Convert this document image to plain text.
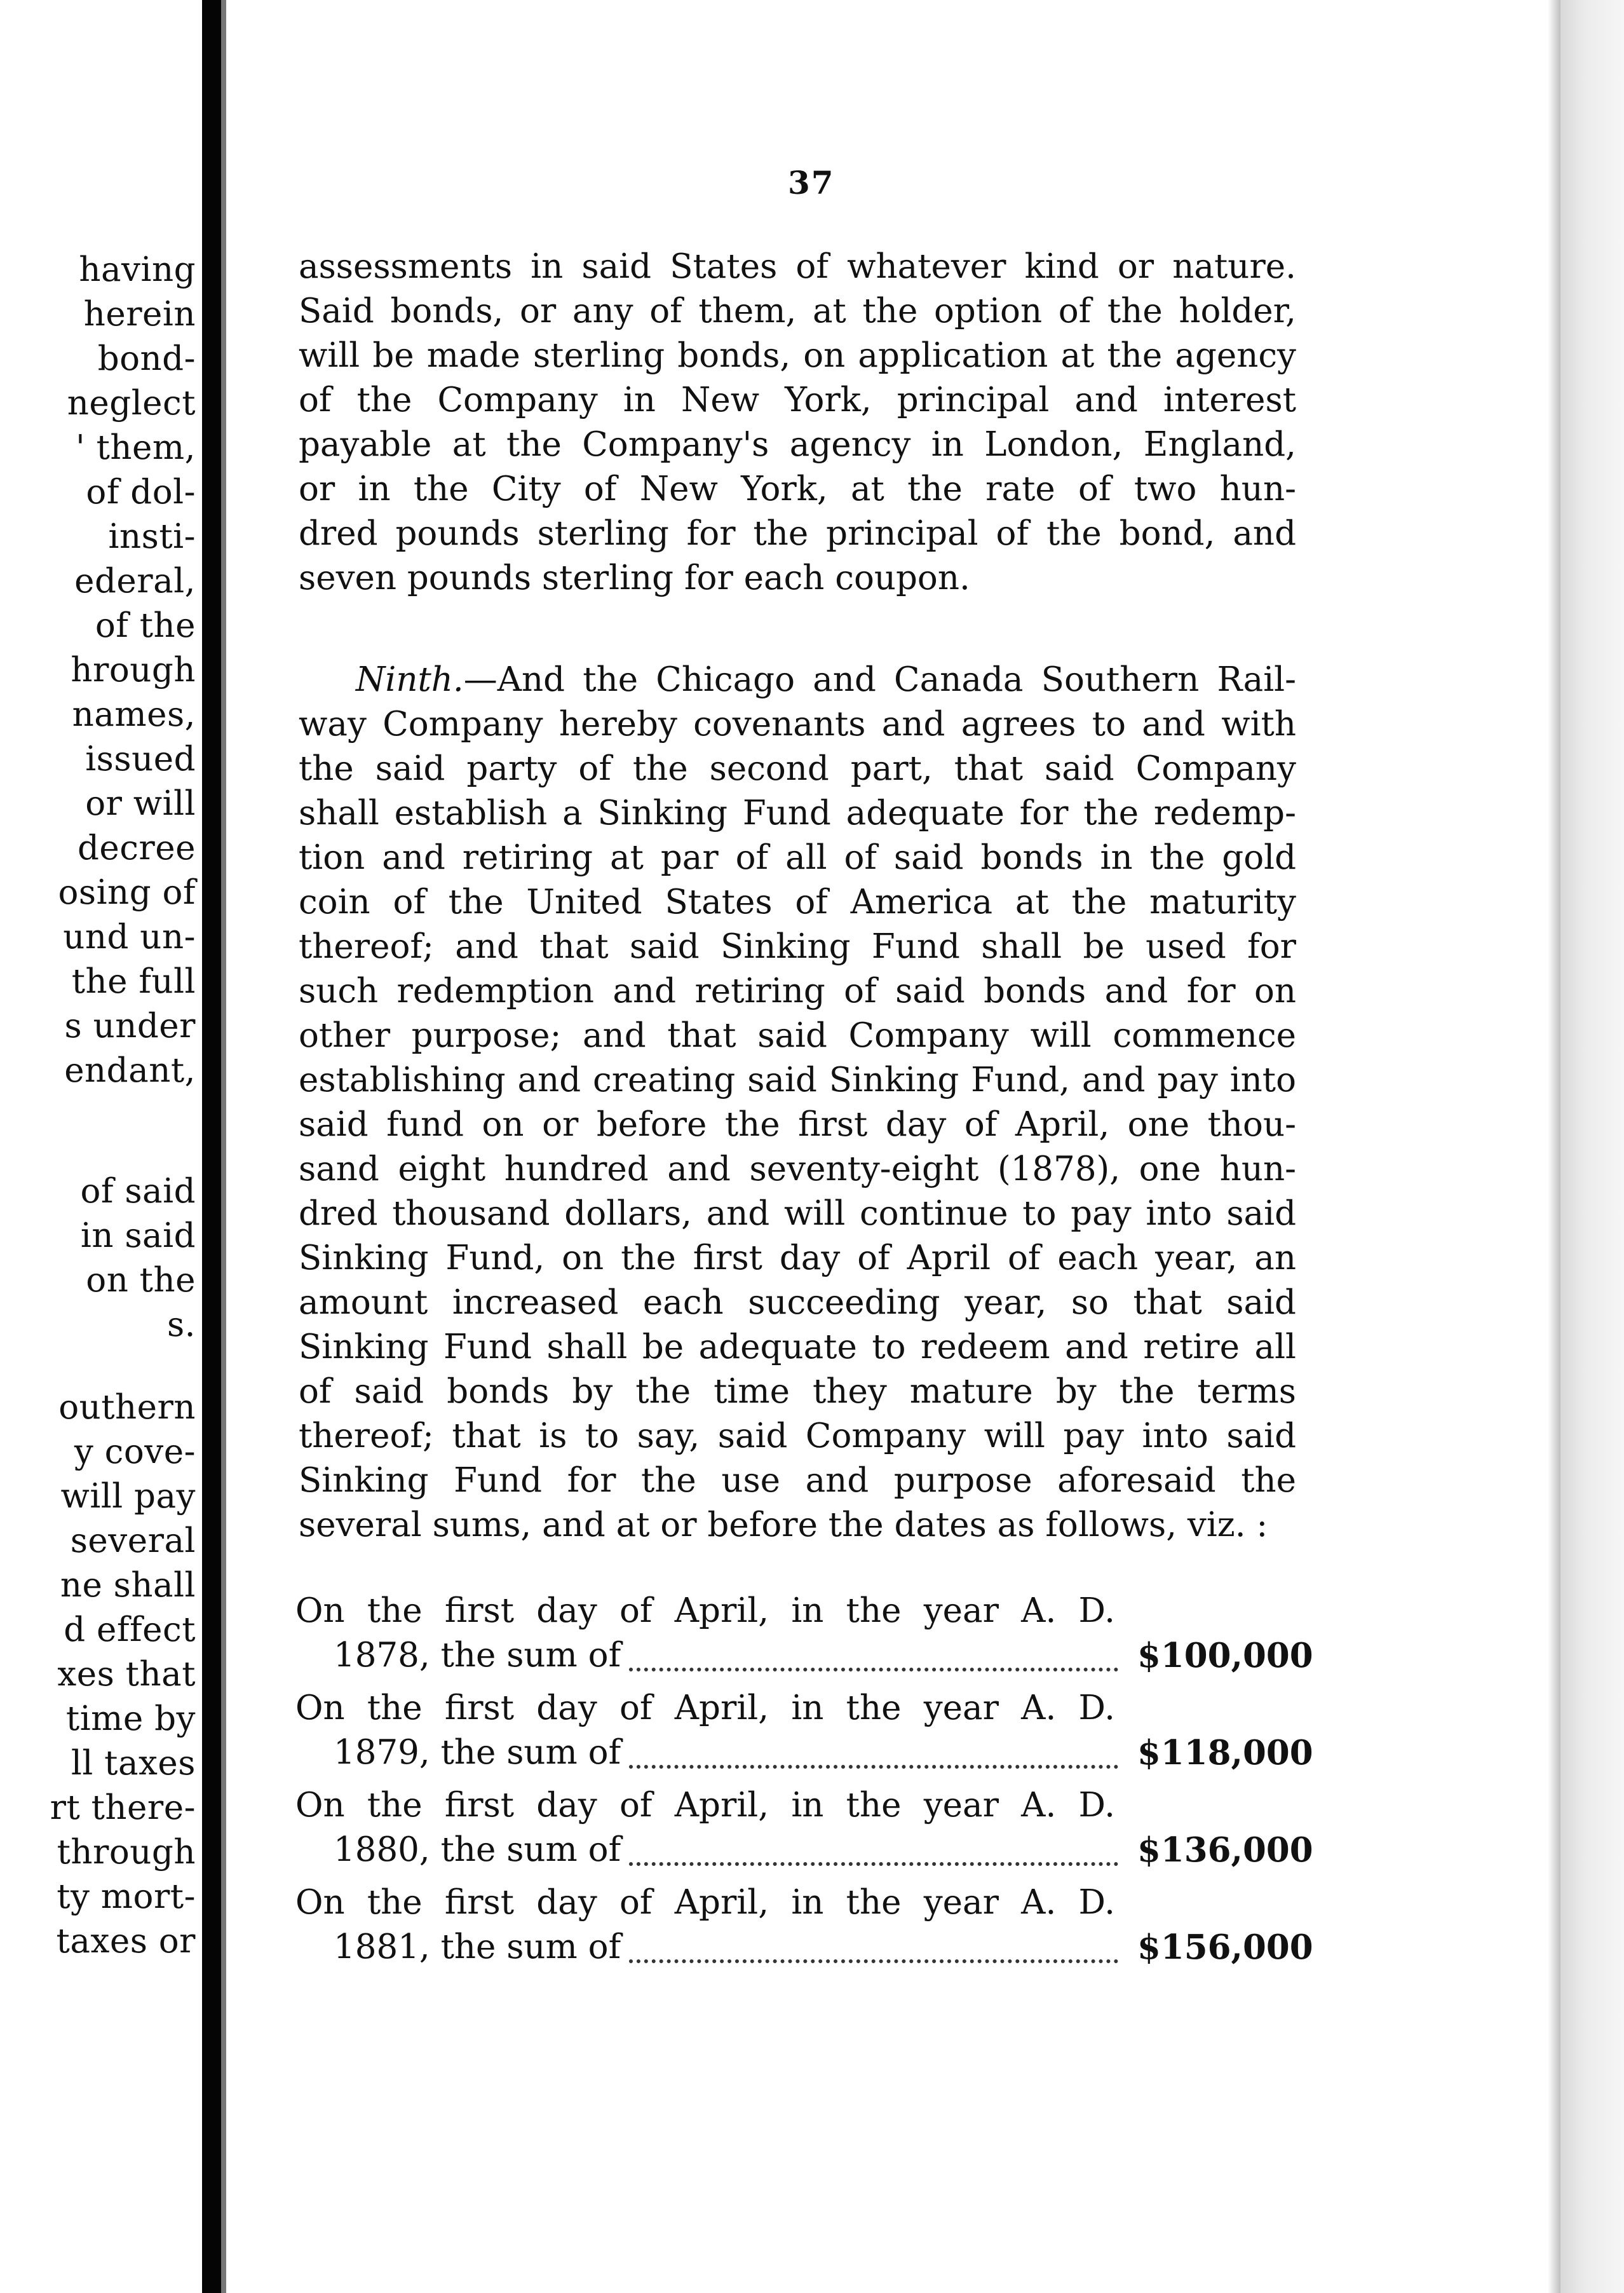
having
herein
bond-
neglect
' them,
of dol-
insti-
ederal,
of the
hrough
names,
issued
or will
decree
osing of
und un-
the full
s under
endant,
of said
in said
on the
s.
outhern
y cove-
will pay
several
ne shall
d effect
xes that
time by
ll taxes
rt there-
through
ty mort-
taxes or
37
assessments in said States of whatever kind or nature.
Said bonds, or any of them, at the option of the holder,
will be made sterling bonds, on application at the agency
of the Company in New York, principal and interest
payable at the Company's agency in London, England,
or in the City of New York, at the rate of two hun-
dred pounds sterling for the principal of the bond, and
seven pounds sterling for each coupon.
Ninth.—And the Chicago and Canada Southern Rail-
way Company hereby covenants and agrees to and with
the said party of the second part, that said Company
shall establish a Sinking Fund adequate for the redemp-
tion and retiring at par of all of said bonds in the gold
coin of the United States of America at the maturity
thereof; and that said Sinking Fund shall be used for
such redemption and retiring of said bonds and for on
other purpose; and that said Company will commence
establishing and creating said Sinking Fund, and pay into
said fund on or before the first day of April, one thou-
sand eight hundred and seventy-eight (1878), one hun-
dred thousand dollars, and will continue to pay into said
Sinking Fund, on the first day of April of each year, an
amount increased each succeeding year, so that said
Sinking Fund shall be adequate to redeem and retire all
of said bonds by the time they mature by the terms
thereof; that is to say, said Company will pay into said
Sinking Fund for the use and purpose aforesaid the
several sums, and at or before the dates as follows, viz. :
On the first day of April, in the year A. D.
1878, the sum of	$100,000
On the first day of April, in the year A. D.
1879, the sum of	$118,000
On the first day of April, in the year A. D.
1880, the sum of	$136,000
On the first day of April, in the year A. D.
1881, the sum of	$156,000
